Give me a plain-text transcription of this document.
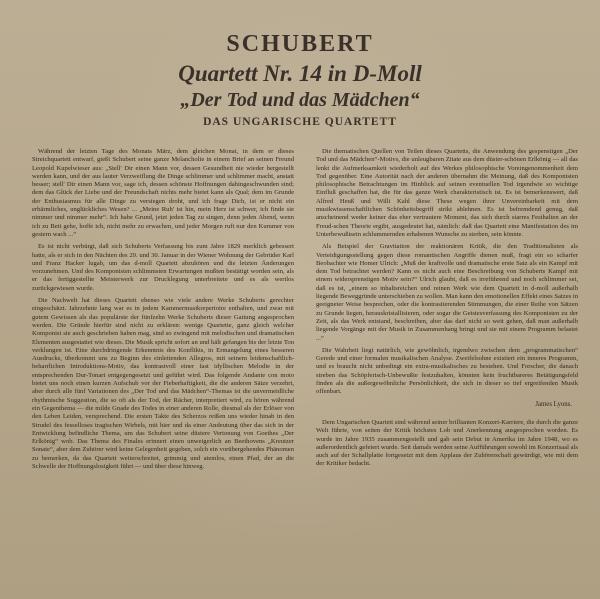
SCHUBERT
Quartett Nr. 14 in D-Moll
„Der Tod und das Mädchen“
DAS UNGARISCHE QUARTETT

Während der letzten Tage des Monats März, dem gleichen Monat, in dem er dieses Streichquartett entwarf, gießt Schubert seine ganze Melancholie in einem Brief an seinen Freund Leopold Kupelwieser aus: „Stell' Dir einen Mann vor, dessen Gesundheit nie wieder hergestellt werden kann, und der aus lauter Verzweiflung die Dinge schlimmer und schlimmer macht, anstatt besser; stell' Dir einen Mann vor, sage ich, dessen schönste Hoffnungen dahingeschwunden sind; dem das Glück der Liebe und der Freundschaft nichts mehr bietet kann als Qual; dem im Grunde der Enthusiasmus für alle Dinge zu versiegen droht, und ich frage Dich, ist er nicht ein erbärmliches, unglückliches Wesen? ... „Meine Ruh' ist hin, mein Herz ist schwer, ich finde sie nimmer und nimmer mehr“. Ich habe Grund, jetzt jeden Tag zu singen, denn jeden Abend, wenn ich zu Bett gehe, hoffe ich, nicht mehr zu erwachen, und jeder Morgen ruft nur den Kummer von gestern wach ...“

Es ist nicht verbürgt, daß sich Schuberts Verfassung bis zum Jahre 1829 merklich gebessert hatte, als er sich in den Nächten des 29. und 30. Januar in der Wiener Wohnung der Gebrüder Karl und Franz Hacker lugab, um das d-moll Quartett abzuhören und die letzten Änderungen vorzunehmen. Und des Komponisten schlimmsten Erwartungen mußten bestätigt worden sein, als er das fertiggestellte Meisterwerk zur Drucklegung unterbreitete und es als wertlos zurückgewiesen wurde.

Die Nachwelt hat dieses Quartett ebenso wie viele andere Werke Schuberts gerechter eingeschätzt. Jahrzehnte lang war es in jedem Kammermusikrepertoire enthalten, und zwar mit gutem Gewissen als das populärste der fünfzehn Werke Schuberts dieser Gattung angesprochen werden. Die Gründe hierfür sind nicht zu erklären: wenige Quartette, ganz gleich welcher Komponist sie auch geschrieben haben mag, sind so zwingend mit melodischen und dramatischen Elementen ausgestattet wie dieses. Die Musik spricht sofort an und hält gefangen bis der letzte Ton verklungen ist. Eine durchdringende Erkenntnis des Konflikts, in Ermangelung eines besseren Ausdrucks, überkommt uns zu Beginn des einleitenden Allegros, mit seinem leidenschaftlich-beharrlichen Introduktions-Motiv, das kontrastvoll einer fast idyllischen Melodie in der entsprechenden Dur-Tonart entgegengesetzt und geführt wird. Das folgende Andante con moto bietet uns noch einen kurzen Aufschub vor der Fieberhaftigkeit, die die anderen Sätze verzehrt, aber durch alle fünf Variationen des „Der Tod und das Mädchen“-Themas ist die unvermeidliche rhythmische Suggestion, die so oft als der Tod, der Rächer, interpretiert wird, zu hören während ein Gegenthema — die milde Gnade des Todes in einer anderen Rolle, diesmal als der Erlöser von den Leben Leiden, versprechend. Die ersten Takte des Scherzos reißen uns wieder hinab in den Strudel des fesselloses tragischen Wirbels, mit hier und da einer Andeutung über das sich in der Entwicklung befindliche Thema, um das Schubert seine düstere Vertonung von Goethes „Der Erlkönig“ wob. Das Thema des Finales erinnert einen unweigerlich an Beethovens „Kreutzer Sonate“, aber dem Zuhörer wird keine Gelegenheit gegeben, solch ein vorübergehendes Phänomen zu bemerken, da das Quartett weiterschreitet, grimmig und atemlos, einen Pfad, der an die Schwelle der Hoffnungslosigkeit führt — und über diese hinweg.

Die thematischen Quellen von Teilen dieses Quartetts, die Anwendung des gespenstigen „Der Tod und das Mädchen“-Motivs, die unleugbaren Zitate aus dem düster-schönen Erlkönig — all das lenkt die Aufmerksamkeit wiederholt auf des Werkes philosophische Voreingenommenheit dem Tod gegenüber. Eine Autorität nach der anderen übernahm die Meinung, daß des Komponisten philosophische Betrachtungen im Hinblick auf seinen eventuellen Tod irgendwie so wichtige Einfluß geschaffen hat, die für das ganze Werk charakteristisch ist. Es ist bemerkenswert, daß Alfred Heuß und Willi Kahl diese These wegen ihrer Unvereinbarkeit mit dem musikwissenschaftlichen Schönheitsbegriff strikt ablehnen. Es ist befremdend genug, daß anscheinend weder keiner das eher vertrautere Moment, das sich durch starres Festhalten an der Freud-schen Theorie ergibt, ausgedeutet hat, nämlich: daß das Quartett eine Manifestation des im Unterbewußtsein schlummernden erhabenen Wunsche zu sterben, sein könnte.

Als Beispiel der Gravitation der reaktionären Kritik, die den Traditionalisten als Verteidigungsstellung gegen diese romantischen Angriffe dienen muß, fragt ein so scharfer Beobachter wie Homer Ulrich: „Muß der kraftvolle und dramatische erste Satz als ein Kampf mit dem Tod betrachtet werden? Kann es nicht auch eine Beschreibung von Schuberts Kampf mit einem widersprenstigen Motiv sein?“ Ulrich glaubt, daß es irreführend und noch schlimmer sei, daß es ist, „einem so inhaltsreichen und reinen Werk wie dem Quartett in d-moll außerhalb liegende Beweggründe unterschieben zu wollen. Man kann den emotionellen Effekt eines Satzes in geeigneter Weise besprechen, oder die kontrastierenden Stimmungen, die einer Reihe von Sätzen zu Grunde liegen, herauskristallisieren, oder sogar die Geistesverfassung des Komponisten zu der Zeit, als das Werk entstand, beschreiben, aber das darf nicht so weit gehen, daß man außerhalb liegende Vorgänge mit der Musik in Zusammenhang bringt und sie mit einem Programm belastet ...“

Die Wahrheit liegt natürlich, wie gewöhnlich, irgendwo zwischen dem „programmatischen“ Gerede und einer formalen musikalischen Analyse. Zweifelsohne existiert ein inneres Programm, und es braucht nicht unbedingt ein extra-musikalisches zu bestehen. Und Forscher, die danach streben das Schöpferisch-Unbewußte festzuhalten, könnten kein fruchtbareres Betätigungsfeld finden als die außergewöhnliche Persönlichkeit, die sich in dieser so tief ergreifenden Musik offenbart.

James Lyons.

Dem Ungarischen Quartett sind während seiner brillianten Konzert-Karriere, die durch die ganze Welt führte, von seiten der Kritik höchstes Lob und Anerkennung ausgesprochen worden. Es wurde im Jahre 1935 zusammengestellt und gab sein Debut in Amerika im Jahre 1948, wo es außerordentlich gefeiert wurde. Seit damals werden seine Aufführungen sowohl im Konzertsaal als auch auf der Schallplatte fortgesetzt mit dem Applaus der Zuhörerschaft gewürdigt, wie mit dem der Kritiker bedacht.
